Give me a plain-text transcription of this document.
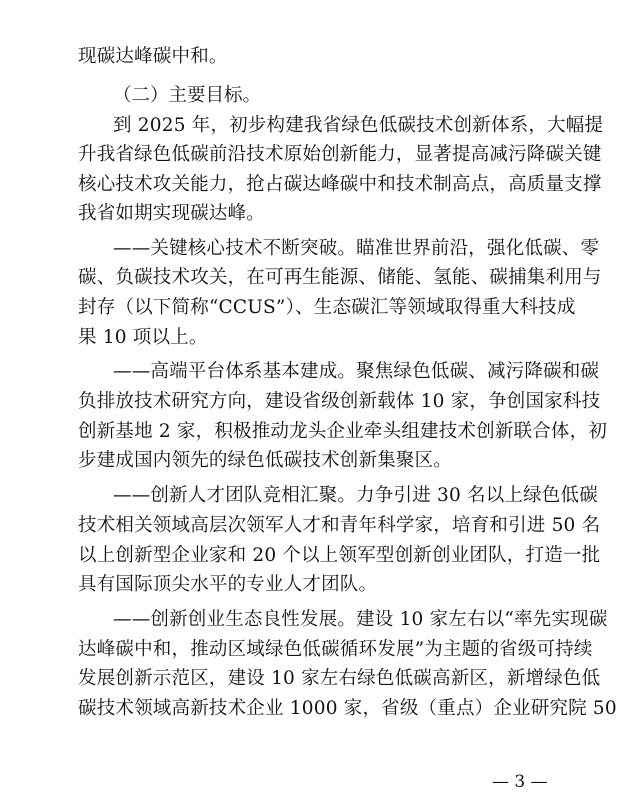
现碳达峰碳中和。
（二）主要目标。
到 2025 年，初步构建我省绿色低碳技术创新体系，大幅提
升我省绿色低碳前沿技术原始创新能力，显著提高减污降碳关键
核心技术攻关能力，抢占碳达峰碳中和技术制高点，高质量支撑
我省如期实现碳达峰。
——关键核心技术不断突破。瞄准世界前沿，强化低碳、零
碳、负碳技术攻关，在可再生能源、储能、氢能、碳捕集利用与
封存（以下简称“CCUS”）、生态碳汇等领域取得重大科技成
果 10 项以上。
——高端平台体系基本建成。聚焦绿色低碳、减污降碳和碳
负排放技术研究方向，建设省级创新载体 10 家，争创国家科技
创新基地 2 家，积极推动龙头企业牵头组建技术创新联合体，初
步建成国内领先的绿色低碳技术创新集聚区。
——创新人才团队竞相汇聚。力争引进 30 名以上绿色低碳
技术相关领域高层次领军人才和青年科学家，培育和引进 50 名
以上创新型企业家和 20 个以上领军型创新创业团队，打造一批
具有国际顶尖水平的专业人才团队。
——创新创业生态良性发展。建设 10 家左右以“率先实现碳
达峰碳中和，推动区域绿色低碳循环发展”为主题的省级可持续
发展创新示范区，建设 10 家左右绿色低碳高新区，新增绿色低
碳技术领域高新技术企业 1000 家，省级（重点）企业研究院 50
— 3 —
